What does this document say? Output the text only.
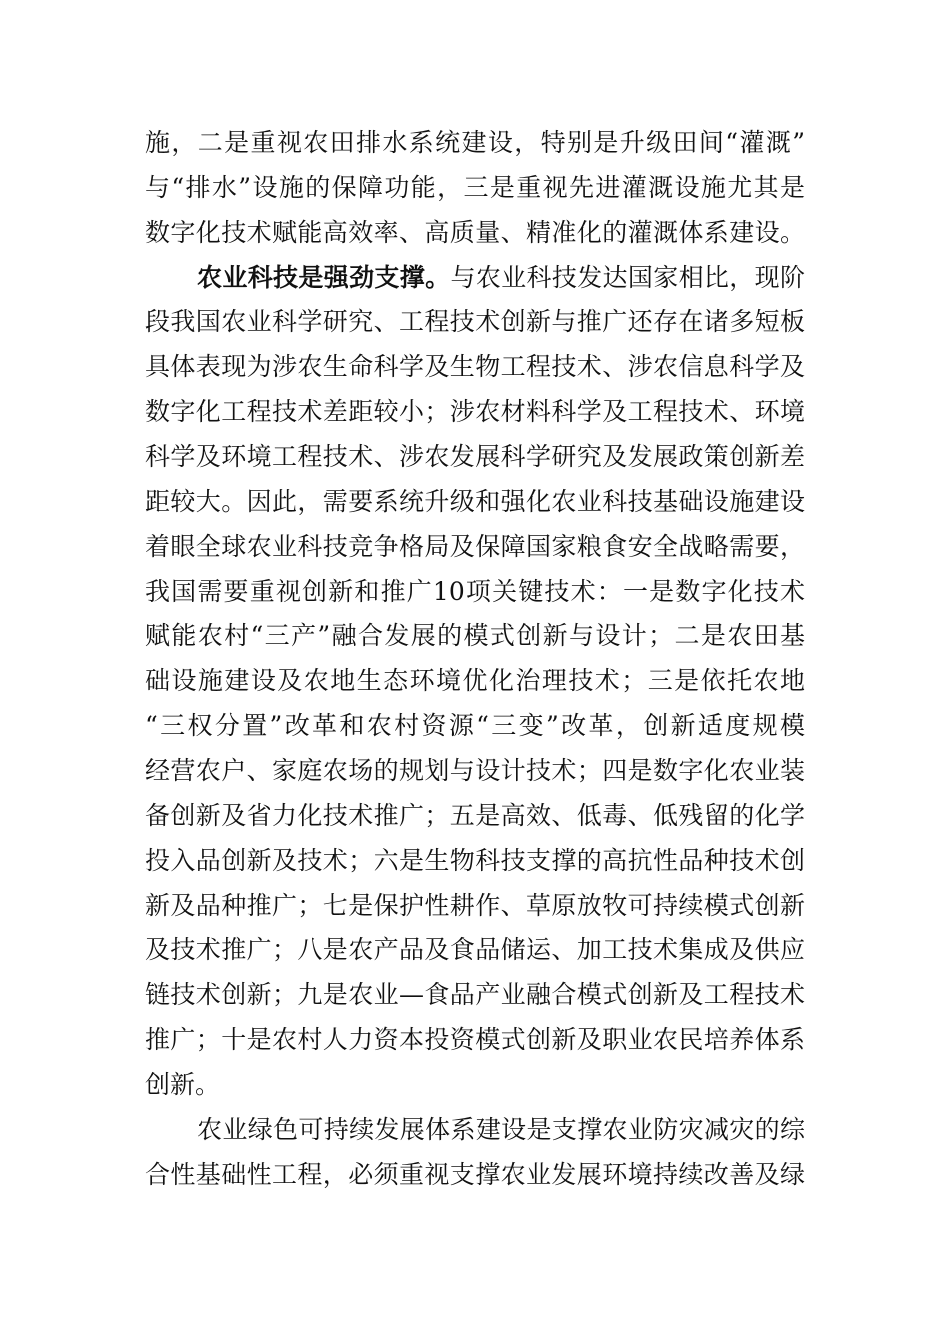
施，二是重视农田排水系统建设，特别是升级田间“灌溉”
与“排水”设施的保障功能，三是重视先进灌溉设施尤其是
数字化技术赋能高效率、高质量、精准化的灌溉体系建设。
农业科技是强劲支撑。与农业科技发达国家相比，现阶
段我国农业科学研究、工程技术创新与推广还存在诸多短板
具体表现为涉农生命科学及生物工程技术、涉农信息科学及
数字化工程技术差距较小；涉农材料科学及工程技术、环境
科学及环境工程技术、涉农发展科学研究及发展政策创新差
距较大。因此，需要系统升级和强化农业科技基础设施建设
着眼全球农业科技竞争格局及保障国家粮食安全战略需要，
我国需要重视创新和推广10项关键技术：一是数字化技术
赋能农村“三产”融合发展的模式创新与设计；二是农田基
础设施建设及农地生态环境优化治理技术；三是依托农地
“三权分置”改革和农村资源“三变”改革，创新适度规模
经营农户、家庭农场的规划与设计技术；四是数字化农业装
备创新及省力化技术推广；五是高效、低毒、低残留的化学
投入品创新及技术；六是生物科技支撑的高抗性品种技术创
新及品种推广；七是保护性耕作、草原放牧可持续模式创新
及技术推广；八是农产品及食品储运、加工技术集成及供应
链技术创新；九是农业—食品产业融合模式创新及工程技术
推广；十是农村人力资本投资模式创新及职业农民培养体系
创新。
农业绿色可持续发展体系建设是支撑农业防灾减灾的综
合性基础性工程，必须重视支撑农业发展环境持续改善及绿
